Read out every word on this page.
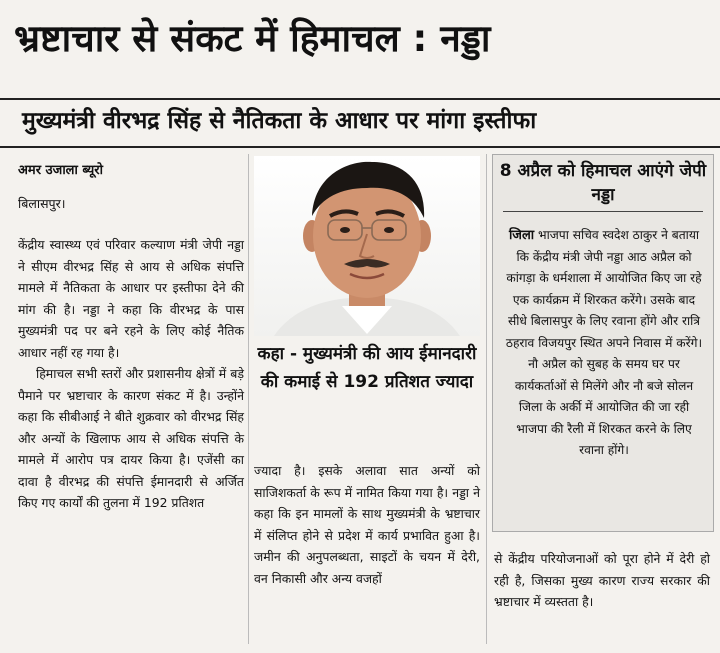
भ्रष्टाचार से संकट में हिमाचल : नड्डा
मुख्यमंत्री वीरभद्र सिंह से नैतिकता के आधार पर मांगा इस्तीफा
अमर उजाला ब्यूरो
बिलासपुर।

केंद्रीय स्वास्थ्य एवं परिवार कल्याण मंत्री जेपी नड्डा ने सीएम वीरभद्र सिंह से आय से अधिक संपत्ति मामले में नैतिकता के आधार पर इस्तीफा देने की मांग की है। नड्डा ने कहा कि वीरभद्र के पास मुख्यमंत्री पद पर बने रहने के लिए कोई नैतिक आधार नहीं रह गया है।

हिमाचल सभी स्तरों और प्रशासनीय क्षेत्रों में बड़े पैमाने पर भ्रष्टाचार के कारण संकट में है। उन्होंने कहा कि सीबीआई ने बीते शुक्रवार को वीरभद्र सिंह और अन्यों के खिलाफ आय से अधिक संपत्ति के मामले में आरोप पत्र दायर किया है। एजेंसी का दावा है वीरभद्र की संपत्ति ईमानदारी से अर्जित किए गए कार्यों की तुलना में 192 प्रतिशत

कहा - मुख्यमंत्री की आय ईमानदारी की कमाई से 192 प्रतिशत ज्यादा

ज्यादा है। इसके अलावा सात अन्यों को साजिशकर्ता के रूप में नामित किया गया है। नड्डा ने कहा कि इन मामलों के साथ मुख्यमंत्री के भ्रष्टाचार में संलिप्त होने से प्रदेश में कार्य प्रभावित हुआ है। जमीन की अनुपलब्धता, साइटों के चयन में देरी, वन निकासी और अन्य वजहों

8 अप्रैल को हिमाचल आएंगे जेपी नड्डा
जिला भाजपा सचिव स्वदेश ठाकुर ने बताया कि केंद्रीय मंत्री जेपी नड्डा आठ अप्रैल को कांगड़ा के धर्मशाला में आयोजित किए जा रहे एक कार्यक्रम में शिरकत करेंगे। उसके बाद सीधे बिलासपुर के लिए रवाना होंगे और रात्रि ठहराव विजयपुर स्थित अपने निवास में करेंगे। नौ अप्रैल को सुबह के समय घर पर कार्यकर्ताओं से मिलेंगे और नौ बजे सोलन जिला के अर्की में आयोजित की जा रही भाजपा की रैली में शिरकत करने के लिए रवाना होंगे।

से केंद्रीय परियोजनाओं को पूरा होने में देरी हो रही है, जिसका मुख्य कारण राज्य सरकार की भ्रष्टाचार में व्यस्तता है।
